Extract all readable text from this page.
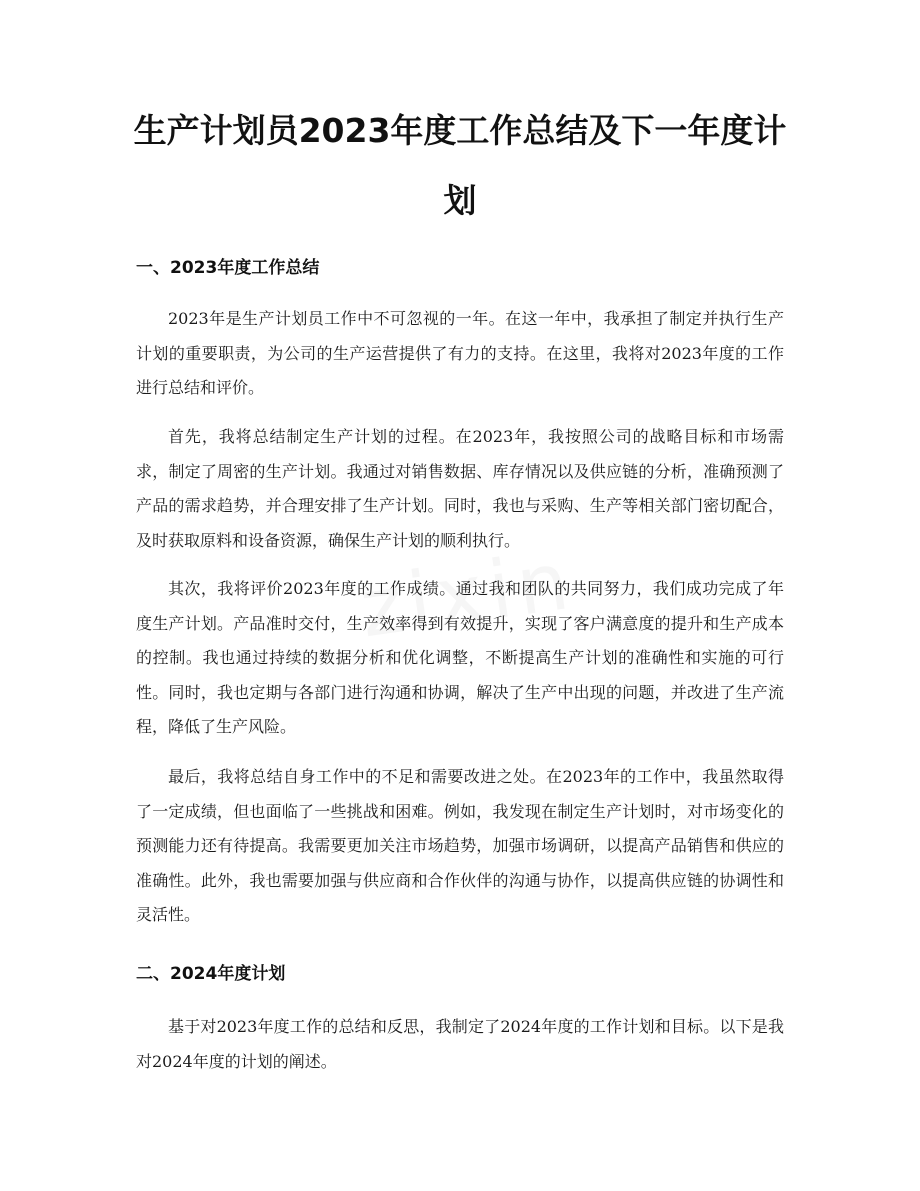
生产计划员2023年度工作总结及下一年度计划
一、2023年度工作总结

2023年是生产计划员工作中不可忽视的一年。在这一年中，我承担了制定并执行生产计划的重要职责，为公司的生产运营提供了有力的支持。在这里，我将对2023年度的工作进行总结和评价。

首先，我将总结制定生产计划的过程。在2023年，我按照公司的战略目标和市场需求，制定了周密的生产计划。我通过对销售数据、库存情况以及供应链的分析，准确预测了产品的需求趋势，并合理安排了生产计划。同时，我也与采购、生产等相关部门密切配合，及时获取原料和设备资源，确保生产计划的顺利执行。

其次，我将评价2023年度的工作成绩。通过我和团队的共同努力，我们成功完成了年度生产计划。产品准时交付，生产效率得到有效提升，实现了客户满意度的提升和生产成本的控制。我也通过持续的数据分析和优化调整，不断提高生产计划的准确性和实施的可行性。同时，我也定期与各部门进行沟通和协调，解决了生产中出现的问题，并改进了生产流程，降低了生产风险。

最后，我将总结自身工作中的不足和需要改进之处。在2023年的工作中，我虽然取得了一定成绩，但也面临了一些挑战和困难。例如，我发现在制定生产计划时，对市场变化的预测能力还有待提高。我需要更加关注市场趋势，加强市场调研，以提高产品销售和供应的准确性。此外，我也需要加强与供应商和合作伙伴的沟通与协作，以提高供应链的协调性和灵活性。

二、2024年度计划

基于对2023年度工作的总结和反思，我制定了2024年度的工作计划和目标。以下是我对2024年度的计划的阐述。
